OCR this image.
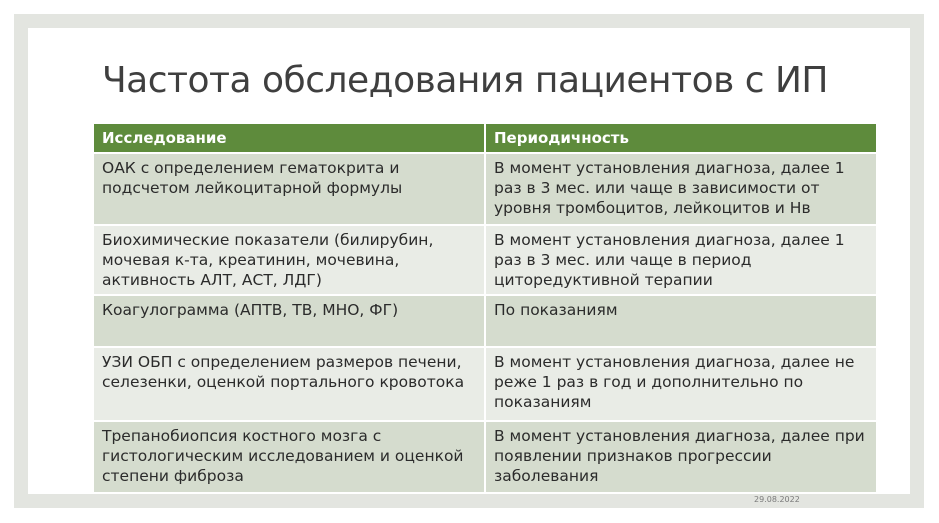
Частота обследования пациентов с ИП
Исследование	Периодичность
ОАК с определением гематокрита и подсчетом лейкоцитарной формулы	В момент установления диагноза, далее 1 раз в 3 мес. или чаще в зависимости от уровня тромбоцитов, лейкоцитов и Нв
Биохимические показатели (билирубин, мочевая к-та, креатинин, мочевина, активность АЛТ, АСТ, ЛДГ)	В момент установления диагноза, далее 1 раз в 3 мес. или чаще в период циторедуктивной терапии
Коагулограмма (АПТВ, ТВ, МНО, ФГ)	По показаниям
УЗИ ОБП с определением размеров печени, селезенки, оценкой портального кровотока	В момент установления диагноза, далее не реже 1 раз в год и дополнительно по показаниям
Трепанобиопсия костного мозга с гистологическим исследованием и оценкой степени фиброза	В момент установления диагноза, далее при появлении признаков прогрессии заболевания
29.08.2022
